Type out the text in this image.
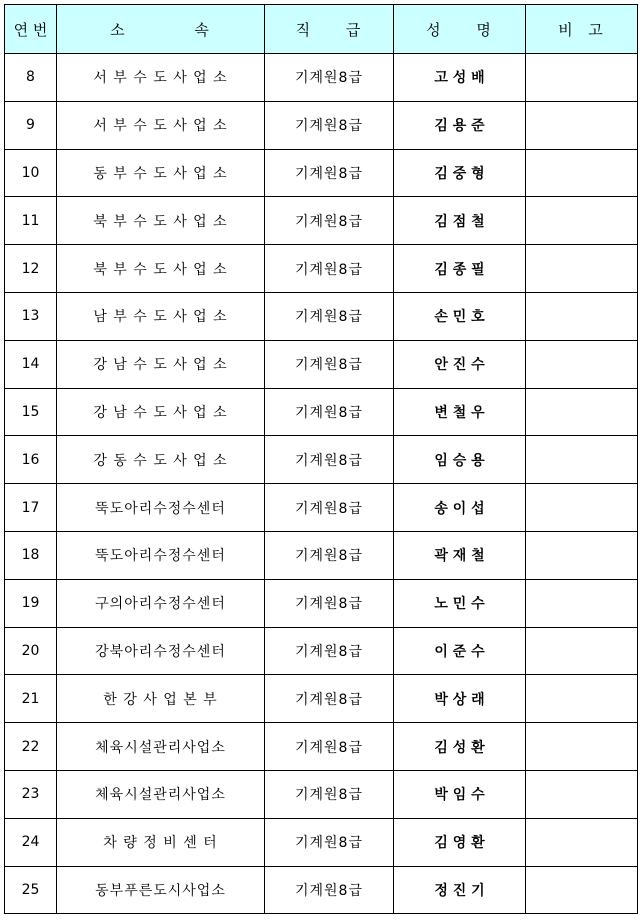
연 번	소          속	직     급	성     명	비  고
8	서 부 수 도 사 업 소	기계원8급	고 성 배	
9	서 부 수 도 사 업 소	기계원8급	김 용 준	
10	동 부 수 도 사 업 소	기계원8급	김 중 형	
11	북 부 수 도 사 업 소	기계원8급	김 점 철	
12	북 부 수 도 사 업 소	기계원8급	김 종 필	
13	남 부 수 도 사 업 소	기계원8급	손 민 호	
14	강 남 수 도 사 업 소	기계원8급	안 진 수	
15	강 남 수 도 사 업 소	기계원8급	변 철 우	
16	강 동 수 도 사 업 소	기계원8급	임 승 용	
17	뚝도아리수정수센터	기계원8급	송 이 섭	
18	뚝도아리수정수센터	기계원8급	곽 재 철	
19	구의아리수정수센터	기계원8급	노 민 수	
20	강북아리수정수센터	기계원8급	이 준 수	
21	한 강 사 업 본 부	기계원8급	박 상 래	
22	체육시설관리사업소	기계원8급	김 성 환	
23	체육시설관리사업소	기계원8급	박 임 수	
24	차 량 정 비 센 터	기계원8급	김 영 환	
25	동부푸른도시사업소	기계원8급	정 진 기	
